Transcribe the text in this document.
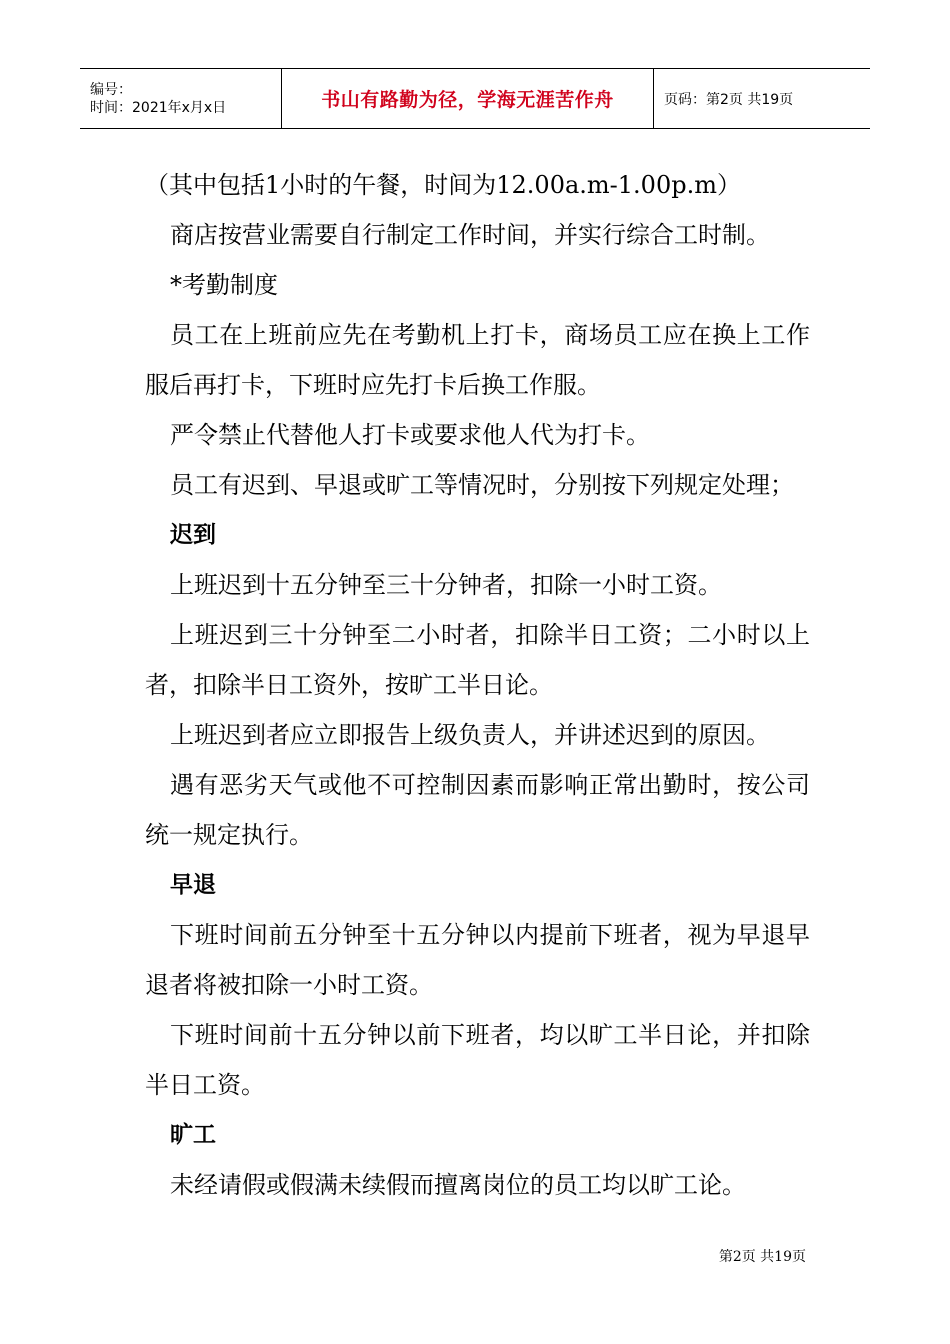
编号：
时间：2021年x月x日	书山有路勤为径，学海无涯苦作舟	页码：第2页 共19页

（其中包括1小时的午餐，时间为12.00a.m-1.00p.m）

商店按营业需要自行制定工作时间，并实行综合工时制。

*考勤制度

员工在上班前应先在考勤机上打卡，商场员工应在换上工作服后再打卡，下班时应先打卡后换工作服。

严令禁止代替他人打卡或要求他人代为打卡。

员工有迟到、早退或旷工等情况时，分别按下列规定处理；

迟到

上班迟到十五分钟至三十分钟者，扣除一小时工资。

上班迟到三十分钟至二小时者，扣除半日工资；二小时以上者，扣除半日工资外，按旷工半日论。

上班迟到者应立即报告上级负责人，并讲述迟到的原因。

遇有恶劣天气或他不可控制因素而影响正常出勤时，按公司统一规定执行。

早退

下班时间前五分钟至十五分钟以内提前下班者，视为早退早退者将被扣除一小时工资。

下班时间前十五分钟以前下班者，均以旷工半日论，并扣除半日工资。

旷工

未经请假或假满未续假而擅离岗位的员工均以旷工论。

第2页 共19页
